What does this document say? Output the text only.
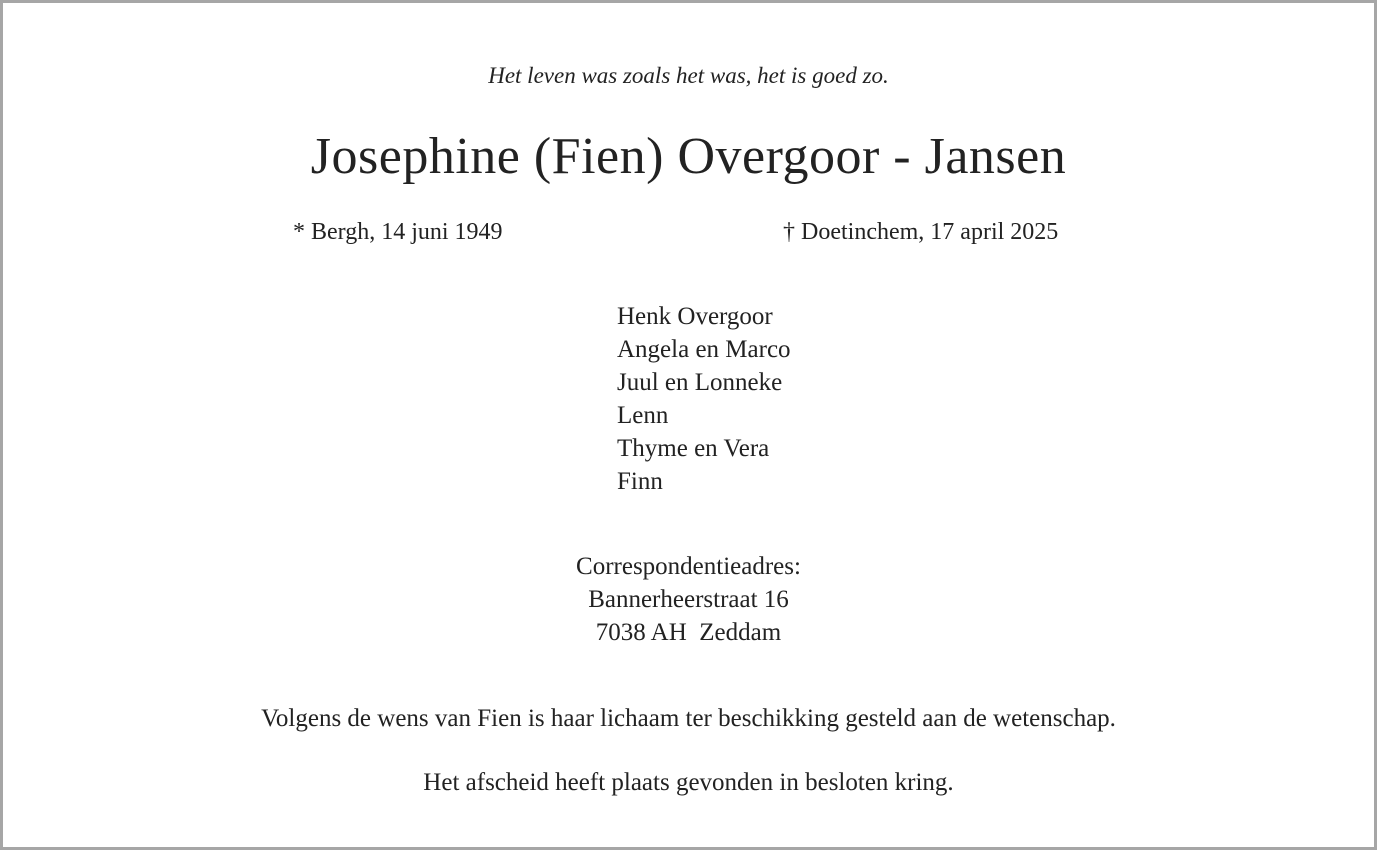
Het leven was zoals het was, het is goed zo.
Josephine (Fien) Overgoor - Jansen
* Bergh, 14 juni 1949	† Doetinchem, 17 april 2025
Henk Overgoor
Angela en Marco
Juul en Lonneke
Lenn
Thyme en Vera
Finn
Correspondentieadres:
Bannerheerstraat 16
7038 AH  Zeddam
Volgens de wens van Fien is haar lichaam ter beschikking gesteld aan de wetenschap.
Het afscheid heeft plaats gevonden in besloten kring.
